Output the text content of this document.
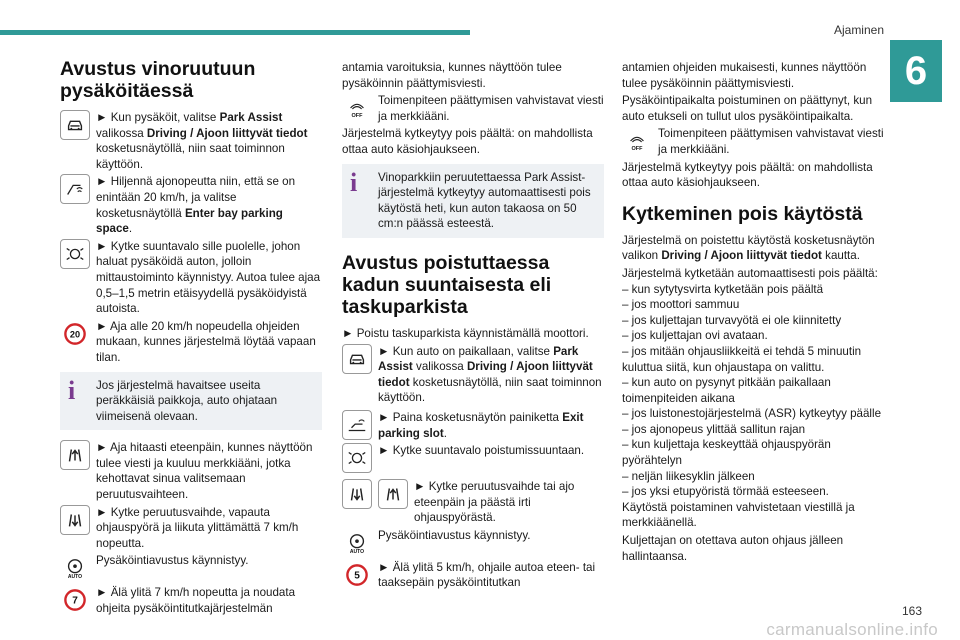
Ajaminen
6
Avustus vinoruutuun
pysäköitäessä
► Kun pysäköit, valitse Park Assist valikossa Driving / Ajoon liittyvät tiedot kosketusnäytöllä, niin saat toiminnon käyttöön.
► Hiljennä ajonopeutta niin, että se on enintään 20 km/h, ja valitse kosketusnäytöllä Enter bay parking space.
► Kytke suuntavalo sille puolelle, johon haluat pysäköidä auton, jolloin mittaustoiminto käynnistyy. Autoa tulee ajaa 0,5–1,5 metrin etäisyydellä pysäköidyistä autoista.
20
► Aja alle 20 km/h nopeudella ohjeiden mukaan, kunnes järjestelmä löytää vapaan tilan.
i	Jos järjestelmä havaitsee useita peräkkäisiä paikkoja, auto ohjataan viimeisenä olevaan.
► Aja hitaasti eteenpäin, kunnes näyttöön tulee viesti ja kuuluu merkkiääni, jotka kehottavat sinua valitsemaan peruutusvaihteen.
► Kytke peruutusvaihde, vapauta ohjauspyörä ja liikuta ylittämättä 7 km/h nopeutta.
AUTO
Pysäköintiavustus käynnistyy.
7
► Älä ylitä 7 km/h nopeutta ja noudata ohjeita pysäköintitutkajärjestelmän
antamia varoituksia, kunnes näyttöön tulee pysäköinnin päättymisviesti.
OFF
Toimenpiteen päättymisen vahvistavat viesti ja merkkiääni.
Järjestelmä kytkeytyy pois päältä: on mahdollista ottaa auto käsiohjaukseen.
i	Vinoparkkiin peruutettaessa Park Assist-järjestelmä kytkeytyy automaattisesti pois käytöstä heti, kun auton takaosa on 50 cm:n päässä esteestä.
Avustus poistuttaessa
kadun suuntaisesta eli
taskuparkista
► Poistu taskuparkista käynnistämällä moottori.
► Kun auto on paikallaan, valitse Park Assist valikossa Driving / Ajoon liittyvät tiedot kosketusnäytöllä, niin saat toiminnon käyttöön.
► Paina kosketusnäytön painiketta Exit parking slot.
► Kytke suuntavalo poistumissuuntaan.
► Kytke peruutusvaihde tai ajo eteenpäin ja päästä irti ohjauspyörästä.
AUTO
Pysäköintiavustus käynnistyy.
5
► Älä ylitä 5 km/h, ohjaile autoa eteen- tai taaksepäin pysäköintitutkan
antamien ohjeiden mukaisesti, kunnes näyttöön tulee pysäköinnin päättymisviesti.
Pysäköintipaikalta poistuminen on päättynyt, kun auto etukseli on tullut ulos pysäköintipaikalta.
OFF
Toimenpiteen päättymisen vahvistavat viesti ja merkkiääni.
Järjestelmä kytkeytyy pois päältä: on mahdollista ottaa auto käsiohjaukseen.
Kytkeminen pois käytöstä
Järjestelmä on poistettu käytöstä kosketusnäytön valikon Driving / Ajoon liittyvät tiedot kautta.
Järjestelmä kytketään automaattisesti pois päältä:
– kun sytytysvirta kytketään pois päältä
– jos moottori sammuu
– jos kuljettajan turvavyötä ei ole kiinnitetty
– jos kuljettajan ovi avataan.
– jos mitään ohjausliikkeitä ei tehdä 5 minuutin kuluttua siitä, kun ohjaustapa on valittu.
– kun auto on pysynyt pitkään paikallaan toimenpiteiden aikana
– jos luistonestojärjestelmä (ASR) kytkeytyy päälle
– jos ajonopeus ylittää sallitun rajan
– kun kuljettaja keskeyttää ohjauspyörän pyörähtelyn
– neljän liikesyklin jälkeen
– jos yksi etupyöristä törmää esteeseen.
Käytöstä poistaminen vahvistetaan viestillä ja merkkiäänellä.
Kuljettajan on otettava auton ohjaus jälleen hallintaansa.
carmanualsonline.info
163
